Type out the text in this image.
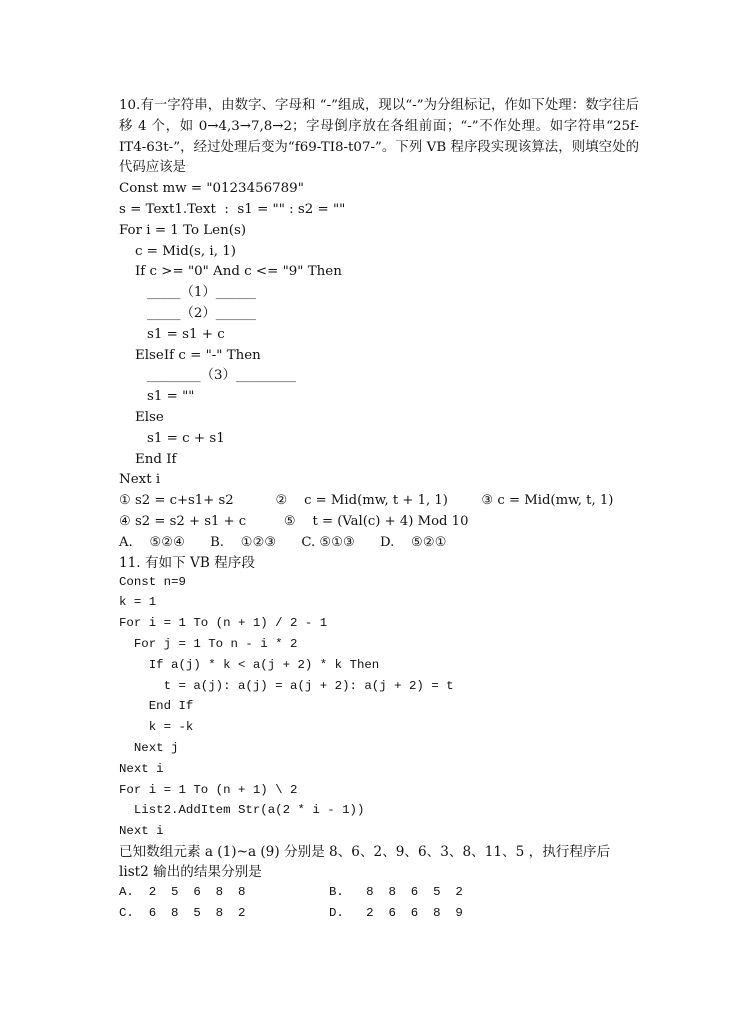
10.有一字符串，由数字、字母和 “-”组成，现以“-”为分组标记，作如下处理：数字往后移 4 个，如 0→4,3→7,8→2；字母倒序放在各组前面；“-”不作处理。如字符串“25f-IT4-63t-”，经过处理后变为“f69-TI8-t07-”。下列 VB 程序段实现该算法，则填空处的代码应该是

Const mw = "0123456789"
s = Text1.Text  :  s1 = "" : s2 = ""
For i = 1 To Len(s)
c = Mid(s, i, 1)
If c >= "0" And c <= "9" Then
_____（1）______
_____（2）______
s1 = s1 + c
ElseIf c = "-" Then
________（3）_________
s1 = ""
Else
s1 = c + s1
End If
Next i
① s2 = c+s1+ s2          ②    c = Mid(mw, t + 1, 1)        ③ c = Mid(mw, t, 1)
④ s2 = s2 + s1 + c         ⑤    t = (Val(c) + 4) Mod 10
A.    ⑤②④      B.    ①②③      C. ⑤①③      D.    ⑤②①
11. 有如下 VB 程序段
Const n=9
k = 1
For i = 1 To (n + 1) / 2 - 1
For j = 1 To n - i * 2
If a(j) * k < a(j + 2) * k Then
t = a(j): a(j) = a(j + 2): a(j + 2) = t
End If
k = -k
Next j
Next i
For i = 1 To (n + 1) \ 2
List2.AddItem Str(a(2 * i - 1))
Next i
已知数组元素 a (1)~a (9) 分别是 8、6、2、9、6、3、8、11、5 ，执行程序后 list2 输出的结果分别是
A.  2  5  6  8  8	B.   8  8  6  5  2
C.  6  8  5  8  2	D.   2  6  6  8  9
